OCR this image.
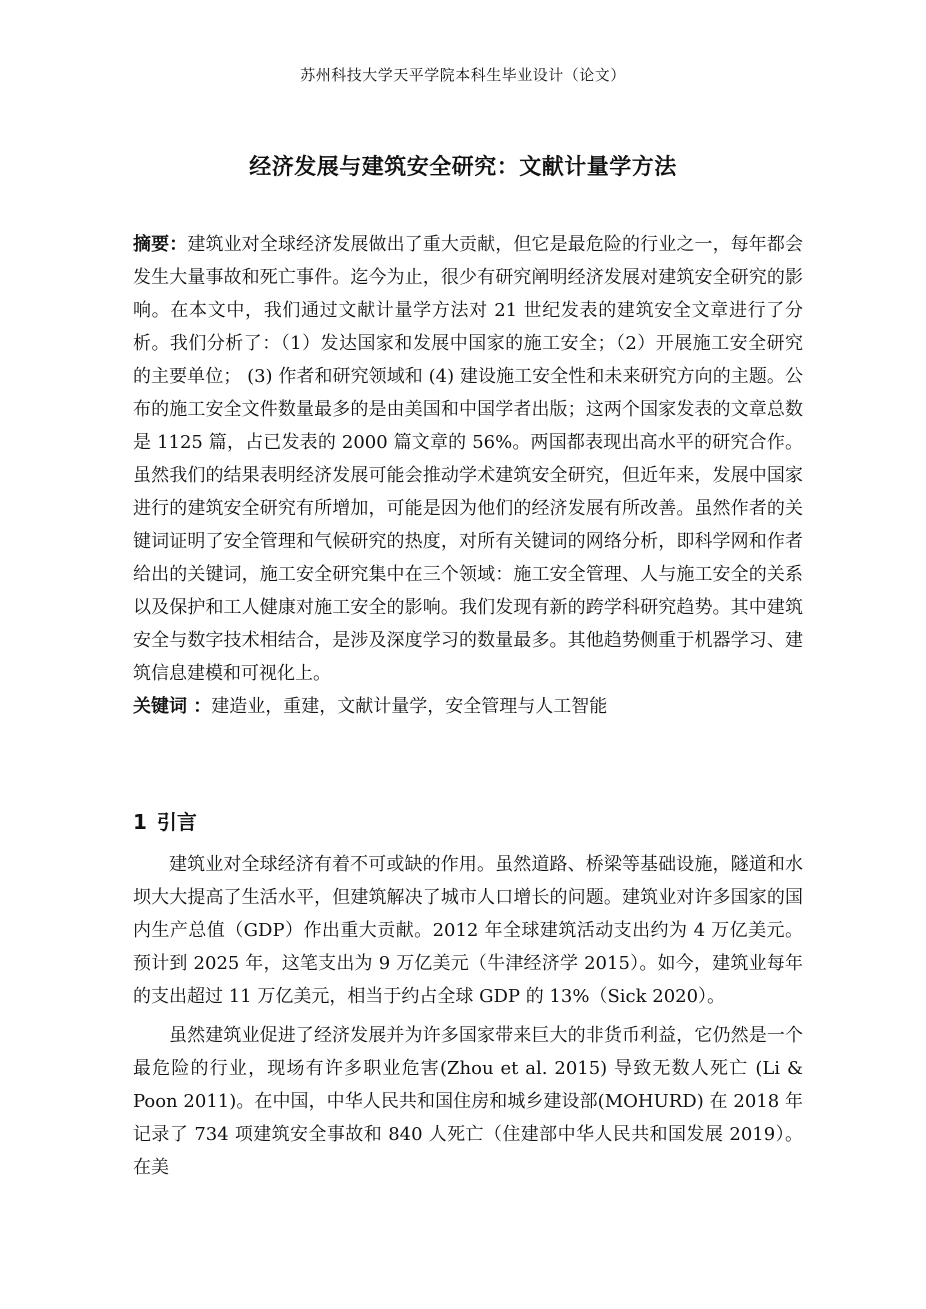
苏州科技大学天平学院本科生毕业设计（论文）
经济发展与建筑安全研究：文献计量学方法
摘要：建筑业对全球经济发展做出了重大贡献，但它是最危险的行业之一，每年都会发生大量事故和死亡事件。迄今为止，很少有研究阐明经济发展对建筑安全研究的影响。在本文中，我们通过文献计量学方法对 21 世纪发表的建筑安全文章进行了分析。我们分析了：（1）发达国家和发展中国家的施工安全；（2）开展施工安全研究的主要单位； (3) 作者和研究领域和 (4) 建设施工安全性和未来研究方向的主题。公布的施工安全文件数量最多的是由美国和中国学者出版；这两个国家发表的文章总数是 1125 篇，占已发表的 2000 篇文章的 56%。两国都表现出高水平的研究合作。虽然我们的结果表明经济发展可能会推动学术建筑安全研究，但近年来，发展中国家进行的建筑安全研究有所增加，可能是因为他们的经济发展有所改善。虽然作者的关键词证明了安全管理和气候研究的热度，对所有关键词的网络分析，即科学网和作者给出的关键词，施工安全研究集中在三个领域：施工安全管理、人与施工安全的关系以及保护和工人健康对施工安全的影响。我们发现有新的跨学科研究趋势。其中建筑安全与数字技术相结合，是涉及深度学习的数量最多。其他趋势侧重于机器学习、建筑信息建模和可视化上。
关键词 ：建造业，重建，文献计量学，安全管理与人工智能
1 引言

建筑业对全球经济有着不可或缺的作用。虽然道路、桥梁等基础设施，隧道和水坝大大提高了生活水平，但建筑解决了城市人口增长的问题。建筑业对许多国家的国内生产总值（GDP）作出重大贡献。2012 年全球建筑活动支出约为 4 万亿美元。预计到 2025 年，这笔支出为 9 万亿美元（牛津经济学 2015）。如今，建筑业每年的支出超过 11 万亿美元，相当于约占全球 GDP 的 13%（Sick 2020）。

虽然建筑业促进了经济发展并为许多国家带来巨大的非货币利益，它仍然是一个最危险的行业，现场有许多职业危害(Zhou et al. 2015) 导致无数人死亡 (Li & Poon 2011)。在中国，中华人民共和国住房和城乡建设部(MOHURD) 在 2018 年记录了 734 项建筑安全事故和 840 人死亡（住建部中华人民共和国发展 2019）。在美
